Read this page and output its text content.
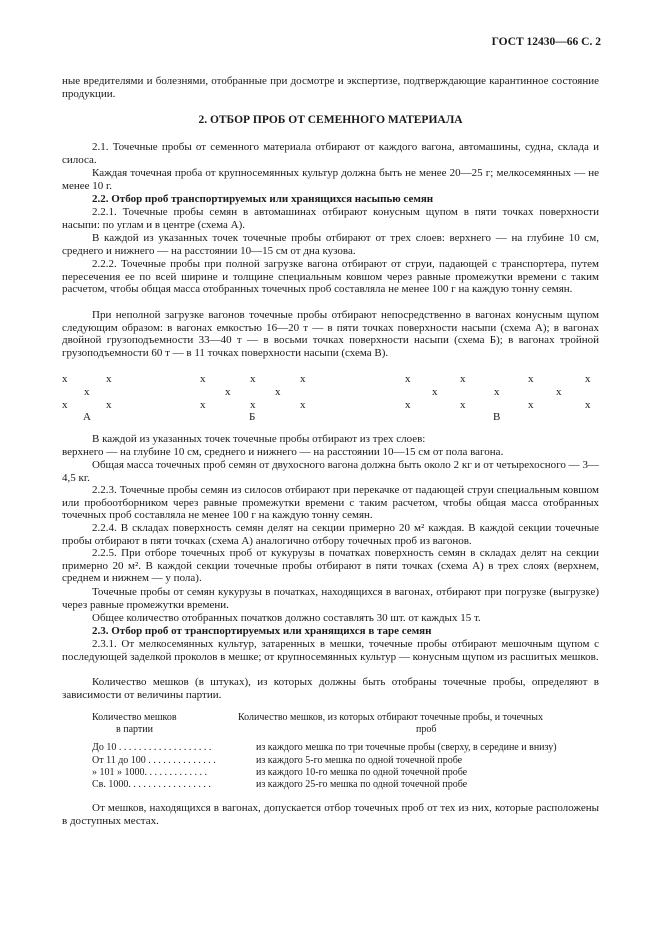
ГОСТ 12430—66 С. 2
ные вредителями и болезнями, отобранные при досмотре и экспертизе, подтверждающие карантинное состояние продукции.
2. ОТБОР ПРОБ ОТ СЕМЕННОГО МАТЕРИАЛА
2.1. Точечные пробы от семенного материала отбирают от каждого вагона, автомашины, судна, склада и силоса.
Каждая точечная проба от крупносемянных культур должна быть не менее 20—25 г; мелкосемянных — не менее 10 г.
2.2. Отбор проб транспортируемых или хранящихся насыпью семян
2.2.1. Точечные пробы семян в автомашинах отбирают конусным щупом в пяти точках поверхности насыпи: по углам и в центре (схема А).
В каждой из указанных точек точечные пробы отбирают от трех слоев: верхнего — на глубине 10 см, среднего и нижнего — на расстоянии 10—15 см от дна кузова.
2.2.2. Точечные пробы при полной загрузке вагона отбирают от струи, падающей с транспортера, путем пересечения ее по всей ширине и толщине специальным ковшом через равные промежутки времени с таким расчетом, чтобы общая масса отобранных точечных проб составляла не менее 100 г на каждую тонну семян.
При неполной загрузке вагонов точечные пробы отбирают непосредственно в вагонах конусным щупом следующим образом: в вагонах емкостью 16—20 т — в пяти точках поверхности насыпи (схема А); в вагонах двойной грузоподъемности 33—40 т — в восьми точках поверхности насыпи (схема Б); в вагонах тройной грузоподъемности 60 т — в 11 точках поверхности насыпи (схема В).
x	x
x
x	x
А
x	x	x
x	x
x	x	x
Б
x	x	x	x
x	x	x
x	x	x	x
В
В каждой из указанных точек точечные пробы отбирают из трех слоев:
верхнего — на глубине 10 см, среднего и нижнего — на расстоянии 10—15 см от пола вагона.
Общая масса точечных проб семян от двухосного вагона должна быть около 2 кг и от четырехосного — 3—4,5 кг.
2.2.3. Точечные пробы семян из силосов отбирают при перекачке от падающей струи специальным ковшом или пробоотборником через равные промежутки времени с таким расчетом, чтобы общая масса отобранных точечных проб составляла не менее 100 г на каждую тонну семян.
2.2.4. В складах поверхность семян делят на секции примерно 20 м² каждая. В каждой секции точечные пробы отбирают в пяти точках (схема А) аналогично отбору точечных проб из вагонов.
2.2.5. При отборе точечных проб от кукурузы в початках поверхность семян в складах делят на секции примерно 20 м². В каждой секции точечные пробы отбирают в пяти точках (схема А) в трех слоях (верхнем, среднем и нижнем — у пола).
Точечные пробы от семян кукурузы в початках, находящихся в вагонах, отбирают при погрузке (выгрузке) через равные промежутки времени.
Общее количество отобранных початков должно составлять 30 шт. от каждых 15 т.
2.3. Отбор проб от транспортируемых или хранящихся в таре семян
2.3.1. От мелкосемянных культур, затаренных в мешки, точечные пробы отбирают мешочным щупом с последующей заделкой проколов в мешке; от крупносемянных культур — конусным щупом из расшитых мешков.
Количество мешков (в штуках), из которых должны быть отобраны точечные пробы, определяют в зависимости от величины партии.
Количество мешков
в партии
Количество мешков, из которых отбирают точечные пробы, и точечных
проб
До 10 . . . . . . . . . . . . . . . . . . .	из каждого мешка по три точечные пробы (сверху, в середине и внизу)
От 11 до 100 . . . . . . . . . . . . . .	из каждого 5-го мешка по одной точечной пробе
» 101 » 1000. . . . . . . . . . . . .	из каждого 10-го мешка по одной точечной пробе
Св. 1000. . . . . . . . . . . . . . . . .	из каждого 25-го мешка по одной точечной пробе
От мешков, находящихся в вагонах, допускается отбор точечных проб от тех из них, которые расположены в доступных местах.
